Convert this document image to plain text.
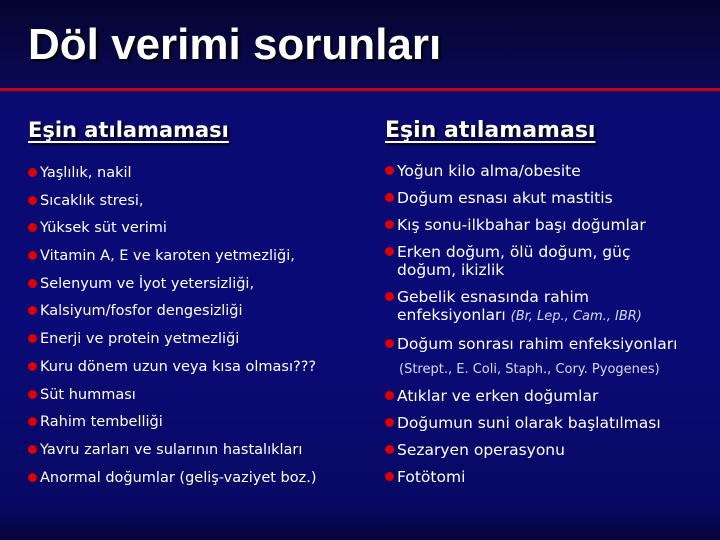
Döl verimi sorunları
Eşin atılamaması
Yaşlılık, nakil
Sıcaklık stresi,
Yüksek süt verimi
Vitamin A, E ve karoten yetmezliği,
Selenyum ve İyot yetersizliği,
Kalsiyum/fosfor dengesizliği
Enerji ve protein yetmezliği
Kuru dönem uzun veya kısa olması???
Süt humması
Rahim tembelliği
Yavru zarları ve sularının hastalıkları
Anormal doğumlar (geliş-vaziyet boz.)
Eşin atılamaması
Yoğun kilo alma/obesite
Doğum esnası akut mastitis
Kış sonu-ilkbahar başı doğumlar
Erken doğum, ölü doğum, güç
doğum, ikizlik
Gebelik esnasında rahim
enfeksiyonları (Br, Lep., Cam., IBR)
Doğum sonrası rahim enfeksiyonları
(Strept., E. Coli, Staph., Cory. Pyogenes)
Atıklar ve erken doğumlar
Doğumun suni olarak başlatılması
Sezaryen operasyonu
Fotötomi
